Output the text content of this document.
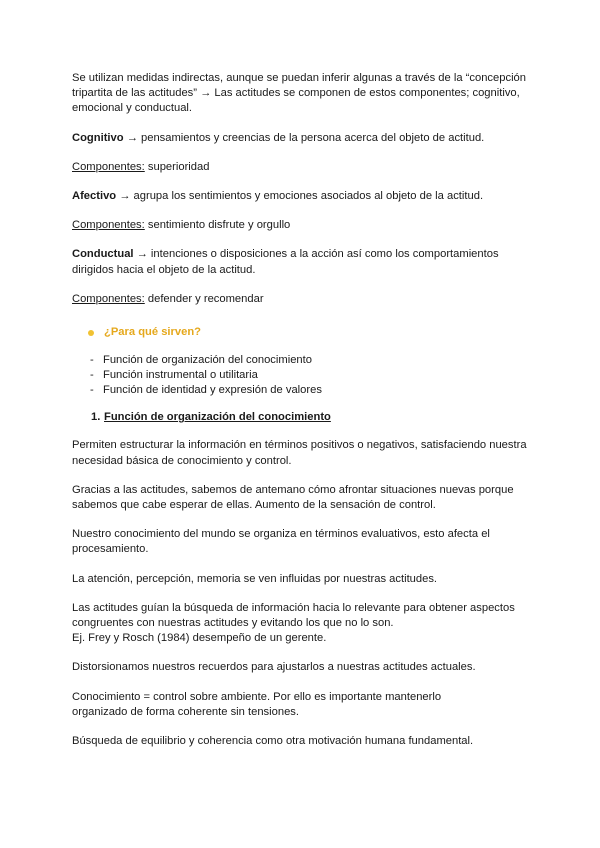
Se utilizan medidas indirectas, aunque se puedan inferir algunas a través de la “concepción

tripartita de las actitudes” → Las actitudes se componen de estos componentes; cognitivo,

emocional y conductual.

Cognitivo → pensamientos y creencias de la persona acerca del objeto de actitud.

Componentes: superioridad

Afectivo → agrupa los sentimientos y emociones asociados al objeto de la actitud.

Componentes: sentimiento disfrute y orgullo

Conductual → intenciones o disposiciones a la acción así como los comportamientos

dirigidos hacia el objeto de la actitud.

Componentes: defender y recomendar

¿Para qué sirven?
- Función de organización del conocimiento
- Función instrumental o utilitaria
- Función de identidad y expresión de valores
1. Función de organización del conocimiento

Permiten estructurar la información en términos positivos o negativos, satisfaciendo nuestra

necesidad básica de conocimiento y control.

Gracias a las actitudes, sabemos de antemano cómo afrontar situaciones nuevas porque

sabemos que cabe esperar de ellas. Aumento de la sensación de control.

Nuestro conocimiento del mundo se organiza en términos evaluativos, esto afecta el

procesamiento.

La atención, percepción, memoria se ven influidas por nuestras actitudes.

Las actitudes guían la búsqueda de información hacia lo relevante para obtener aspectos

congruentes con nuestras actitudes y evitando los que no lo son.

Ej. Frey y Rosch (1984) desempeño de un gerente.

Distorsionamos nuestros recuerdos para ajustarlos a nuestras actitudes actuales.

Conocimiento = control sobre ambiente. Por ello es importante mantenerlo

organizado de forma coherente sin tensiones.

Búsqueda de equilibrio y coherencia como otra motivación humana fundamental.
